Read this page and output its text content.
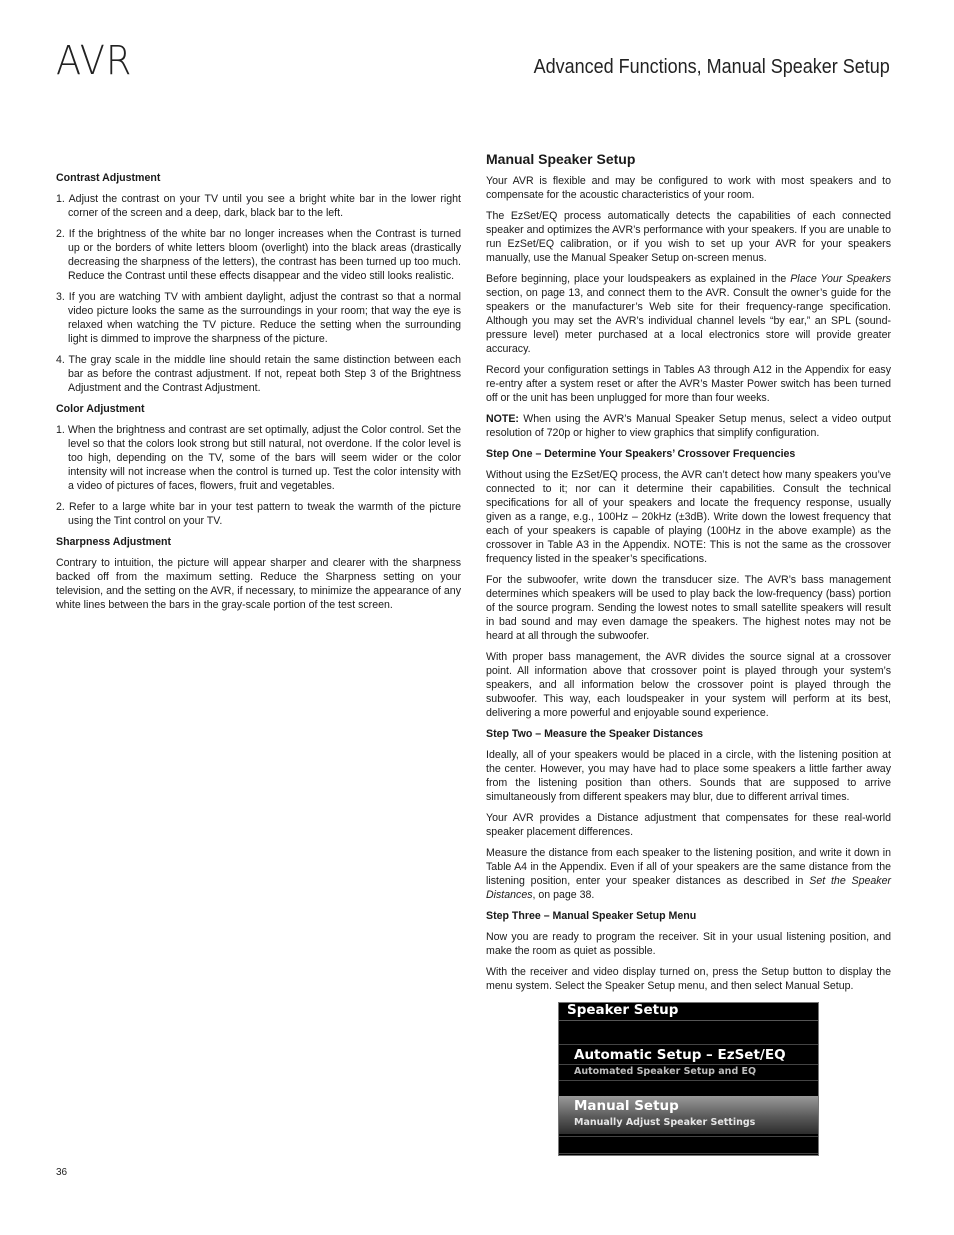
AVR	Advanced Functions, Manual Speaker Setup
Contrast Adjustment
1. Adjust the contrast on your TV until you see a bright white bar in the lower right corner of the screen and a deep, dark, black bar to the left.
2. If the brightness of the white bar no longer increases when the Contrast is turned up or the borders of white letters bloom (overlight) into the black areas (drastically decreasing the sharpness of the letters), the contrast has been turned up too much. Reduce the Contrast until these effects disappear and the video still looks realistic.
3. If you are watching TV with ambient daylight, adjust the contrast so that a normal video picture looks the same as the surroundings in your room; that way the eye is relaxed when watching the TV picture. Reduce the setting when the surrounding light is dimmed to improve the sharpness of the picture.
4. The gray scale in the middle line should retain the same distinction between each bar as before the contrast adjustment. If not, repeat both Step 3 of the Brightness Adjustment and the Contrast Adjustment.
Color Adjustment
1. When the brightness and contrast are set optimally, adjust the Color control. Set the level so that the colors look strong but still natural, not overdone. If the color level is too high, depending on the TV, some of the bars will seem wider or the color intensity will not increase when the control is turned up. Test the color intensity with a video of pictures of faces, flowers, fruit and vegetables.
2. Refer to a large white bar in your test pattern to tweak the warmth of the picture using the Tint control on your TV.
Sharpness Adjustment

Contrary to intuition, the picture will appear sharper and clearer with the sharpness backed off from the maximum setting. Reduce the Sharpness setting on your television, and the setting on the AVR, if necessary, to minimize the appearance of any white lines between the bars in the gray-scale portion of the test screen.

Manual Speaker Setup

Your AVR is flexible and may be configured to work with most speakers and to compensate for the acoustic characteristics of your room.

The EzSet/EQ process automatically detects the capabilities of each connected speaker and optimizes the AVR’s performance with your speakers. If you are unable to run EzSet/EQ calibration, or if you wish to set up your AVR for your speakers manually, use the Manual Speaker Setup on-screen menus.

Before beginning, place your loudspeakers as explained in the Place Your Speakers section, on page 13, and connect them to the AVR. Consult the owner’s guide for the speakers or the manufacturer’s Web site for their frequency-range specification. Although you may set the AVR’s individual channel levels “by ear,” an SPL (sound-pressure level) meter purchased at a local electronics store will provide greater accuracy.

Record your configuration settings in Tables A3 through A12 in the Appendix for easy re-entry after a system reset or after the AVR’s Master Power switch has been turned off or the unit has been unplugged for more than four weeks.

NOTE: When using the AVR’s Manual Speaker Setup menus, select a video output resolution of 720p or higher to view graphics that simplify configuration.

Step One – Determine Your Speakers’ Crossover Frequencies

Without using the EzSet/EQ process, the AVR can’t detect how many speakers you’ve connected to it; nor can it determine their capabilities. Consult the technical specifications for all of your speakers and locate the frequency response, usually given as a range, e.g., 100Hz – 20kHz (±3dB). Write down the lowest frequency that each of your speakers is capable of playing (100Hz in the above example) as the crossover in Table A3 in the Appendix. NOTE: This is not the same as the crossover frequency listed in the speaker’s specifications.

For the subwoofer, write down the transducer size. The AVR’s bass management determines which speakers will be used to play back the low-frequency (bass) portion of the source program. Sending the lowest notes to small satellite speakers will result in bad sound and may even damage the speakers. The highest notes may not be heard at all through the subwoofer.

With proper bass management, the AVR divides the source signal at a crossover point. All information above that crossover point is played through your system’s speakers, and all information below the crossover point is played through the subwoofer. This way, each loudspeaker in your system will perform at its best, delivering a more powerful and enjoyable sound experience.

Step Two – Measure the Speaker Distances

Ideally, all of your speakers would be placed in a circle, with the listening position at the center. However, you may have had to place some speakers a little farther away from the listening position than others. Sounds that are supposed to arrive simultaneously from different speakers may blur, due to different arrival times.

Your AVR provides a Distance adjustment that compensates for these real-world speaker placement differences.

Measure the distance from each speaker to the listening position, and write it down in Table A4 in the Appendix. Even if all of your speakers are the same distance from the listening position, enter your speaker distances as described in Set the Speaker Distances, on page 38.

Step Three – Manual Speaker Setup Menu

Now you are ready to program the receiver. Sit in your usual listening position, and make the room as quiet as possible.

With the receiver and video display turned on, press the Setup button to display the menu system. Select the Speaker Setup menu, and then select Manual Setup.

Speaker Setup
Automatic Setup – EzSet/EQ
Automated Speaker Setup and EQ
Manual Setup
Manually Adjust Speaker Settings
36
